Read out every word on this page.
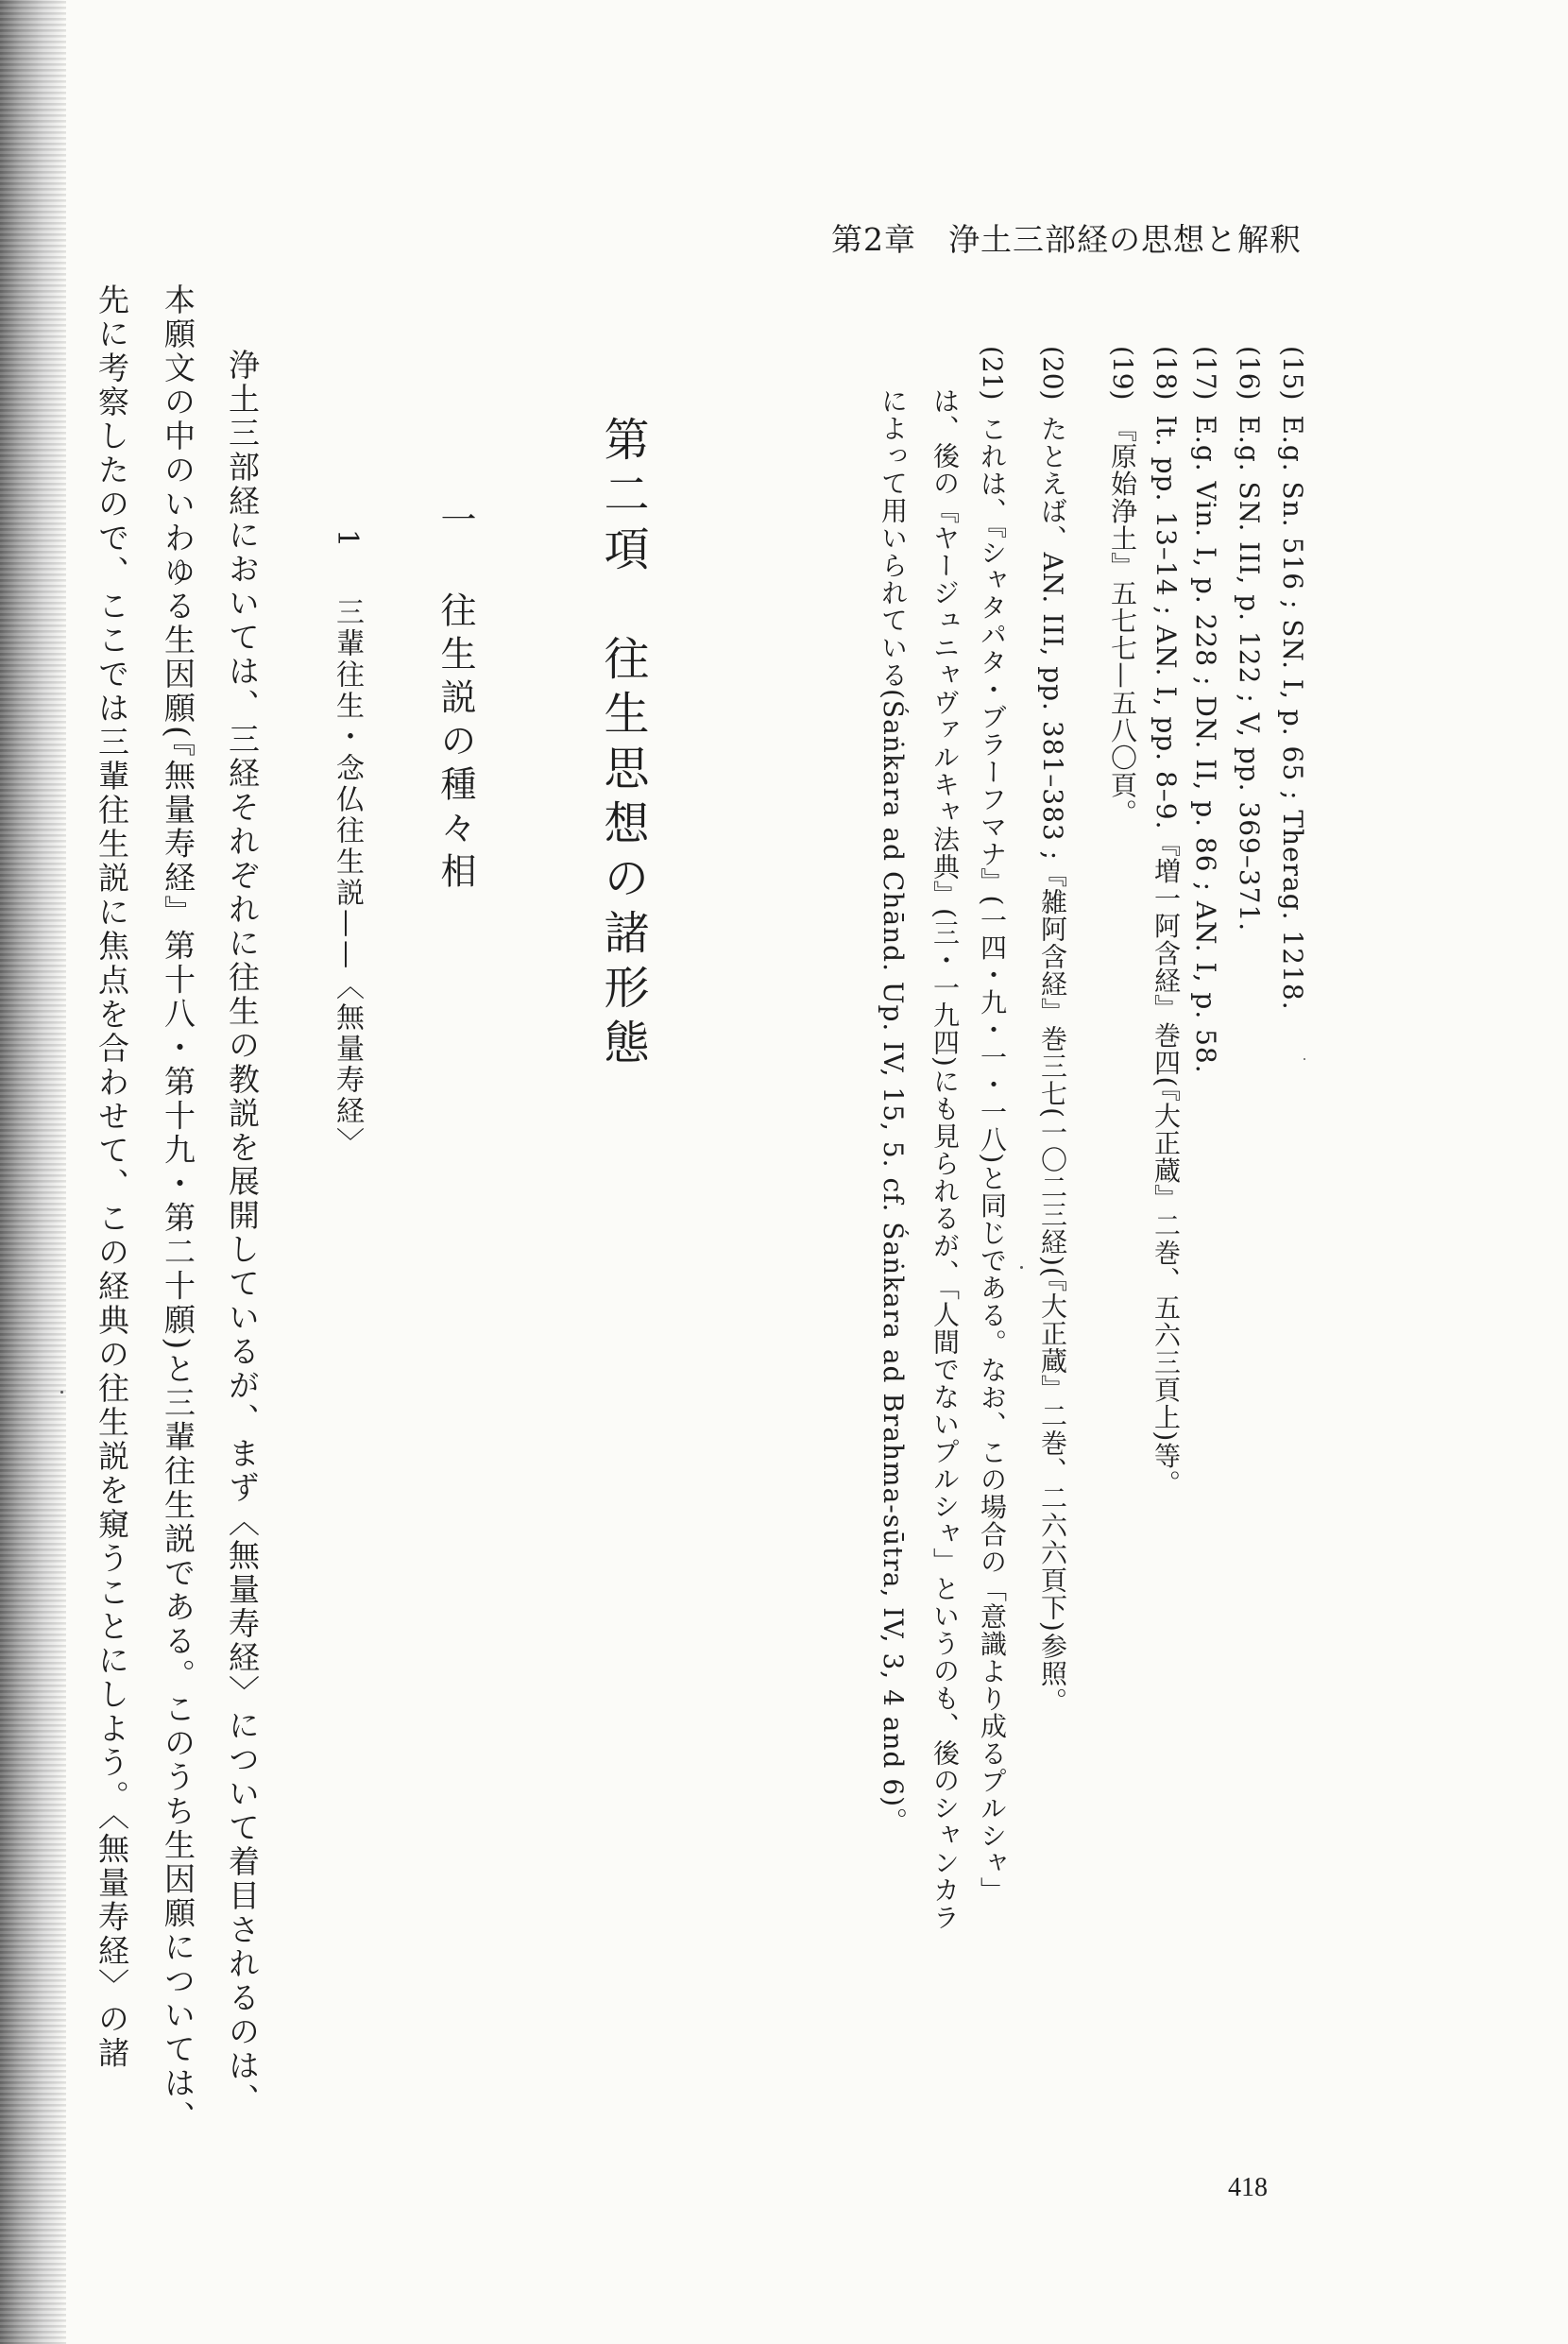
第2章　浄土三部経の思想と解釈
(15)E.g. Sn. 516 ; SN. I, p. 65 ; Therag. 1218.
(16)E.g. SN. III, p. 122 ; V, pp. 369–371.
(17)E.g. Vin. I, p. 228 ; DN. II, p. 86 ; AN. I, p. 58.
(18)It. pp. 13–14 ; AN. I, pp. 8–9.『増一阿含経』巻四(『大正蔵』二巻、五六三頁上)等。
(19)『原始浄土』五七七—五八〇頁。
(20)たとえば、AN. III, pp. 381–383 ;『雑阿含経』巻三七(一〇二三経)(『大正蔵』二巻、二六六頁下)参照。
(21)これは、『シャタパタ・ブラーフマナ』(一四・九・一・一八)と同じである。なお、この場合の「意識より成るプルシャ」
は、後の『ヤージュニャヴァルキャ法典』(三・一九四)にも見られるが、「人間でないプルシャ」というのも、後のシャンカラ
によって用いられている(Śaṅkara ad Chānd. Up. IV, 15, 5. cf. Śaṅkara ad Brahma-sūtra, IV, 3, 4 and 6)。
第二項　往生思想の諸形態
一往生説の種々相
1三輩往生・念仏往生説——〈無量寿経〉
　浄土三部経においては、三経それぞれに往生の教説を展開しているが、まず〈無量寿経〉について着目されるのは、
本願文の中のいわゆる生因願(『無量寿経』第十八・第十九・第二十願)と三輩往生説である。このうち生因願については、
先に考察したので、ここでは三輩往生説に焦点を合わせて、この経典の往生説を窺うことにしよう。〈無量寿経〉の諸
418
